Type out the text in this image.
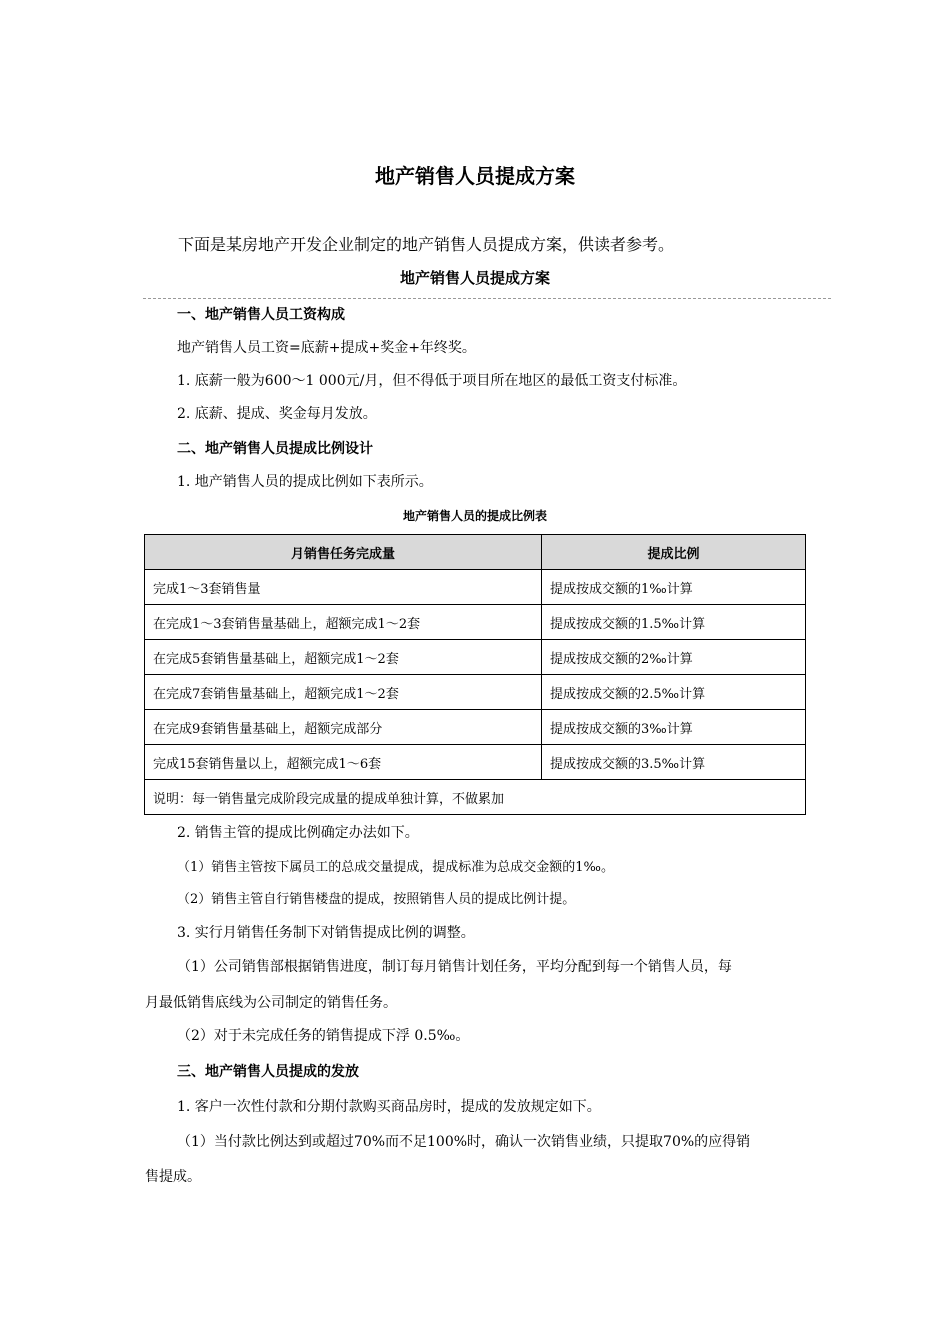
地产销售人员提成方案
下面是某房地产开发企业制定的地产销售人员提成方案，供读者参考。
地产销售人员提成方案
一、地产销售人员工资构成
地产销售人员工资=底薪+提成+奖金+年终奖。
1. 底薪一般为600～1 000元/月，但不得低于项目所在地区的最低工资支付标准。
2. 底薪、提成、奖金每月发放。
二、地产销售人员提成比例设计
1. 地产销售人员的提成比例如下表所示。
地产销售人员的提成比例表
月销售任务完成量	提成比例
完成1～3套销售量	提成按成交额的1‰计算
在完成1～3套销售量基础上，超额完成1～2套	提成按成交额的1.5‰计算
在完成5套销售量基础上，超额完成1～2套	提成按成交额的2‰计算
在完成7套销售量基础上，超额完成1～2套	提成按成交额的2.5‰计算
在完成9套销售量基础上，超额完成部分	提成按成交额的3‰计算
完成15套销售量以上，超额完成1～6套	提成按成交额的3.5‰计算
说明：每一销售量完成阶段完成量的提成单独计算，不做累加	
2. 销售主管的提成比例确定办法如下。
（1）销售主管按下属员工的总成交量提成，提成标准为总成交金额的1‰。
（2）销售主管自行销售楼盘的提成，按照销售人员的提成比例计提。
3. 实行月销售任务制下对销售提成比例的调整。
（1）公司销售部根据销售进度，制订每月销售计划任务，平均分配到每一个销售人员，每
月最低销售底线为公司制定的销售任务。
（2）对于未完成任务的销售提成下浮 0.5‰。
三、地产销售人员提成的发放
1. 客户一次性付款和分期付款购买商品房时，提成的发放规定如下。
（1）当付款比例达到或超过70%而不足100%时，确认一次销售业绩，只提取70%的应得销
售提成。
